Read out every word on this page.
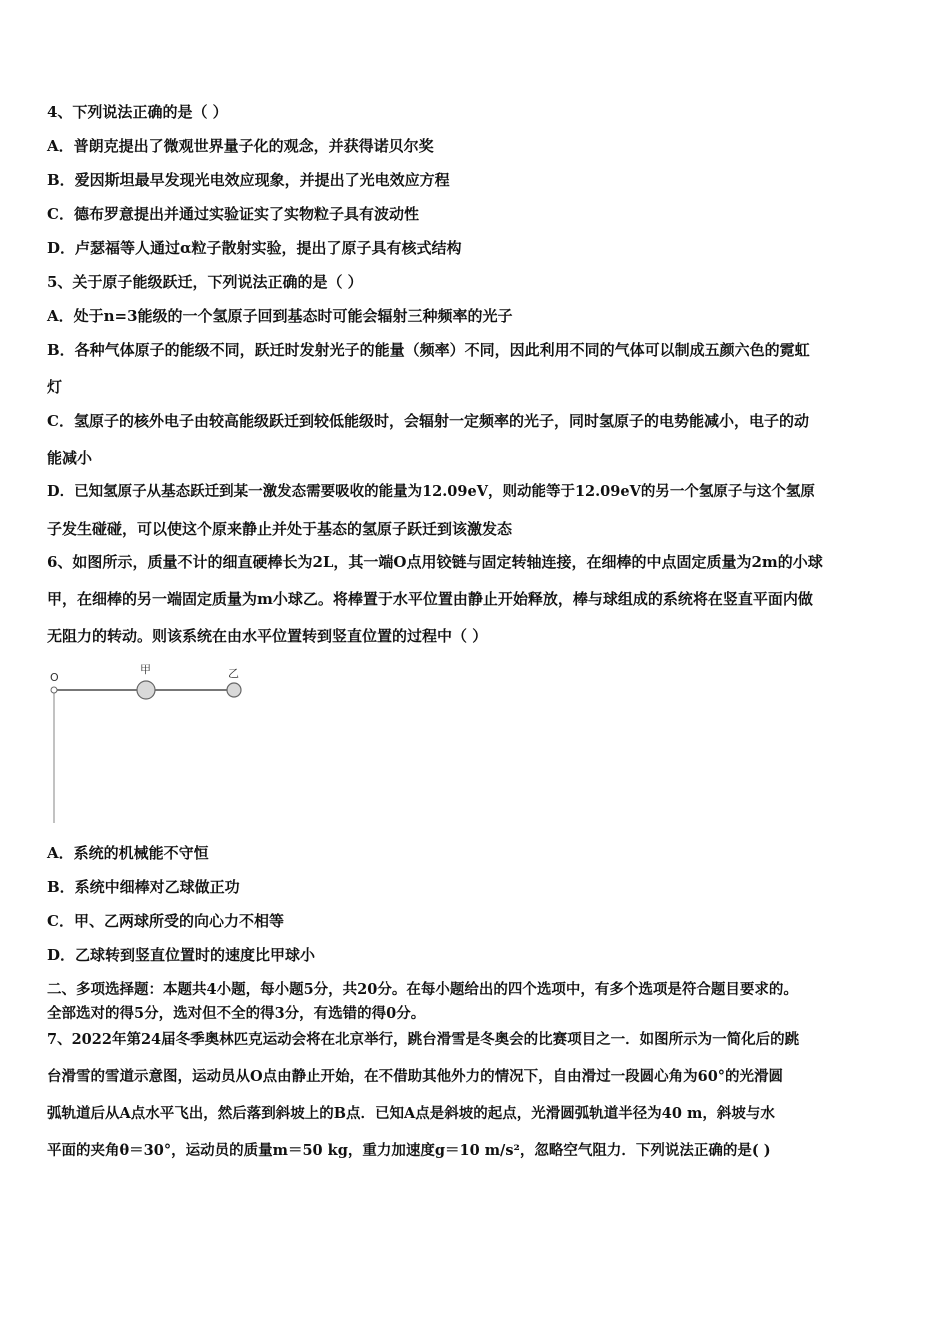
4、下列说法正确的是（ ）
A．普朗克提出了微观世界量子化的观念，并获得诺贝尔奖
B．爱因斯坦最早发现光电效应现象，并提出了光电效应方程
C．德布罗意提出并通过实验证实了实物粒子具有波动性
D．卢瑟福等人通过α粒子散射实验，提出了原子具有核式结构
5、关于原子能级跃迁，下列说法正确的是（ ）
A．处于n=3能级的一个氢原子回到基态时可能会辐射三种频率的光子
B．各种气体原子的能级不同，跃迁时发射光子的能量（频率）不同，因此利用不同的气体可以制成五颜六色的霓虹
灯
C．氢原子的核外电子由较高能级跃迁到较低能级时，会辐射一定频率的光子，同时氢原子的电势能减小，电子的动
能减小
D．已知氢原子从基态跃迁到某一激发态需要吸收的能量为12.09eV，则动能等于12.09eV的另一个氢原子与这个氢原
子发生碰碰，可以使这个原来静止并处于基态的氢原子跃迁到该激发态
6、如图所示，质量不计的细直硬棒长为2L，其一端O点用铰链与固定转轴连接，在细棒的中点固定质量为2m的小球
甲，在细棒的另一端固定质量为m小球乙。将棒置于水平位置由静止开始释放，棒与球组成的系统将在竖直平面内做
无阻力的转动。则该系统在由水平位置转到竖直位置的过程中（ ）
O
甲	乙
A．系统的机械能不守恒
B．系统中细棒对乙球做正功
C．甲、乙两球所受的向心力不相等
D．乙球转到竖直位置时的速度比甲球小
二、多项选择题：本题共4小题，每小题5分，共20分。在每小题给出的四个选项中，有多个选项是符合题目要求的。
全部选对的得5分，选对但不全的得3分，有选错的得0分。
7、2022年第24届冬季奥林匹克运动会将在北京举行，跳台滑雪是冬奥会的比赛项目之一．如图所示为一简化后的跳
台滑雪的雪道示意图，运动员从O点由静止开始，在不借助其他外力的情况下，自由滑过一段圆心角为60°的光滑圆
弧轨道后从A点水平飞出，然后落到斜坡上的B点．已知A点是斜坡的起点，光滑圆弧轨道半径为40 m，斜坡与水
平面的夹角θ＝30°，运动员的质量m＝50 kg，重力加速度g＝10 m/s²，忽略空气阻力．下列说法正确的是( )
